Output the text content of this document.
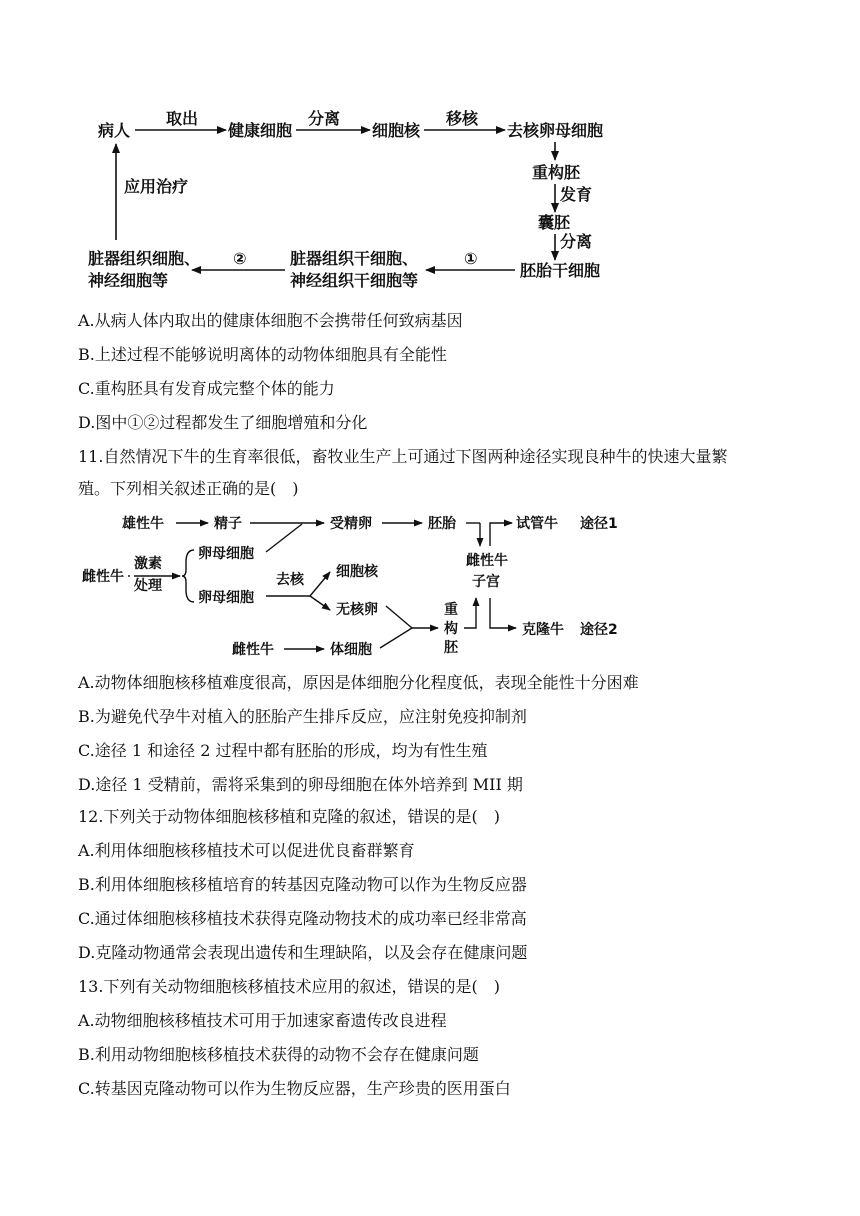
病人
取出
健康细胞
分离
细胞核
移核
去核卵母细胞
重构胚
发育
囊胚
分离
胚胎干细胞
①
脏器组织干细胞、
神经组织干细胞等
②
脏器组织细胞、
神经细胞等
应用治疗
A.从病人体内取出的健康体细胞不会携带任何致病基因
B.上述过程不能够说明离体的动物体细胞具有全能性
C.重构胚具有发育成完整个体的能力
D.图中①②过程都发生了细胞增殖和分化
11.自然情况下牛的生育率很低，畜牧业生产上可通过下图两种途径实现良种牛的快速大量繁
殖。下列相关叙述正确的是(　)
雄性牛	精子	受精卵	胚胎	试管牛 途径1
雌性牛
激素
处理
卵母细胞
卵母细胞
去核 细胞核
无核卵
雌性牛
子宫
重
构
胚
克隆牛 途径2
雌性牛	体细胞
A.动物体细胞核移植难度很高，原因是体细胞分化程度低，表现全能性十分困难
B.为避免代孕牛对植入的胚胎产生排斥反应，应注射免疫抑制剂
C.途径 1 和途径 2 过程中都有胚胎的形成，均为有性生殖
D.途径 1 受精前，需将采集到的卵母细胞在体外培养到 MII 期
12.下列关于动物体细胞核移植和克隆的叙述，错误的是(　)
A.利用体细胞核移植技术可以促进优良畜群繁育
B.利用体细胞核移植培育的转基因克隆动物可以作为生物反应器
C.通过体细胞核移植技术获得克隆动物技术的成功率已经非常高
D.克隆动物通常会表现出遗传和生理缺陷，以及会存在健康问题
13.下列有关动物细胞核移植技术应用的叙述，错误的是(　)
A.动物细胞核移植技术可用于加速家畜遗传改良进程
B.利用动物细胞核移植技术获得的动物不会存在健康问题
C.转基因克隆动物可以作为生物反应器，生产珍贵的医用蛋白
